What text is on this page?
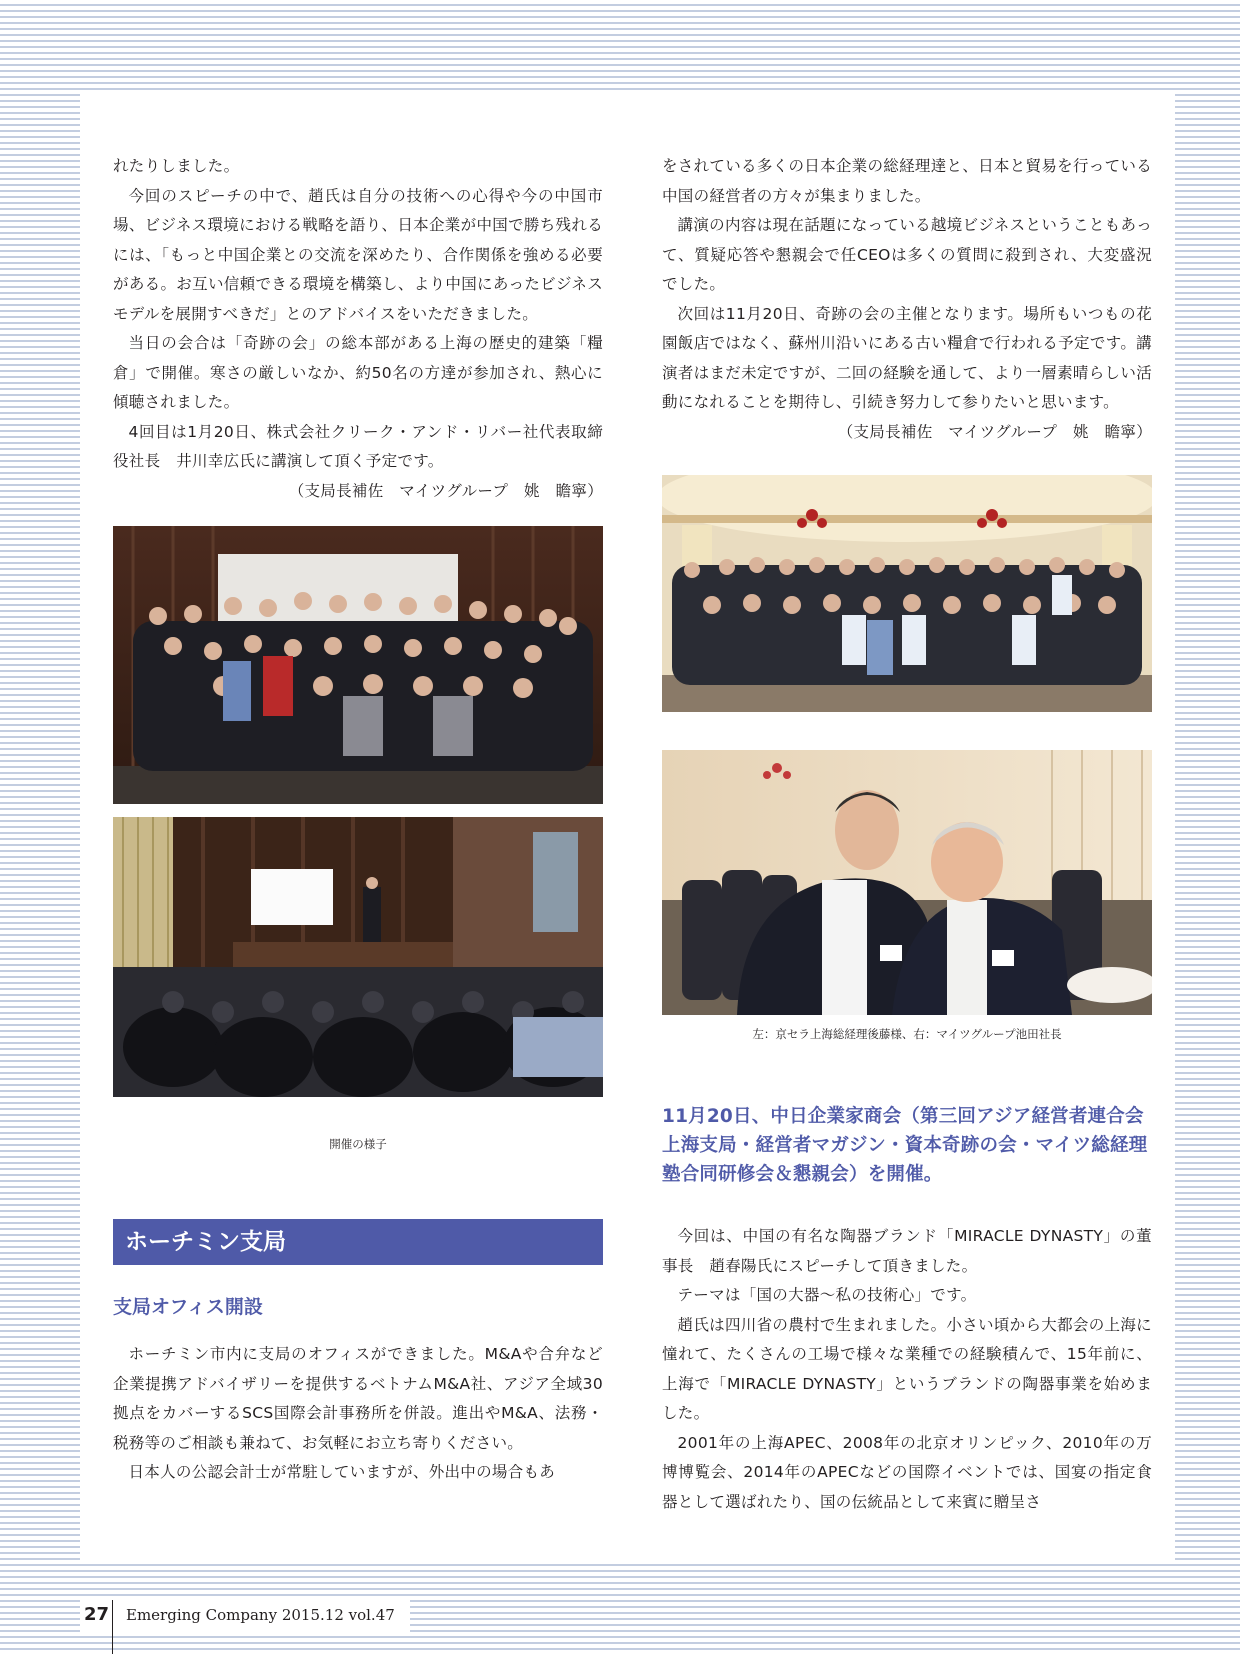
れたりしました。

今回のスピーチの中で、趙氏は自分の技術への心得や今の中国市場、ビジネス環境における戦略を語り、日本企業が中国で勝ち残れるには、「もっと中国企業との交流を深めたり、合作関係を強める必要がある。お互い信頼できる環境を構築し、より中国にあったビジネスモデルを展開すべきだ」とのアドバイスをいただきました。

当日の会合は「奇跡の会」の総本部がある上海の歴史的建築「糧倉」で開催。寒さの厳しいなか、約50名の方達が参加され、熱心に傾聴されました。

4回目は1月20日、株式会社クリーク・アンド・リバー社代表取締役社長　井川幸広氏に講演して頂く予定です。

（支局長補佐　マイツグループ　姚　瞻寧）

開催の様子
ホーチミン支局
支局オフィス開設

ホーチミン市内に支局のオフィスができました。M&Aや合弁など企業提携アドバイザリーを提供するベトナムM&A社、アジア全域30拠点をカバーするSCS国際会計事務所を併設。進出やM&A、法務・税務等のご相談も兼ねて、お気軽にお立ち寄りください。

日本人の公認会計士が常駐していますが、外出中の場合もあ

をされている多くの日本企業の総経理達と、日本と貿易を行っている中国の経営者の方々が集まりました。

講演の内容は現在話題になっている越境ビジネスということもあって、質疑応答や懇親会で任CEOは多くの質問に殺到され、大変盛況でした。

次回は11月20日、奇跡の会の主催となります。場所もいつもの花園飯店ではなく、蘇州川沿いにある古い糧倉で行われる予定です。講演者はまだ未定ですが、二回の経験を通して、より一層素晴らしい活動になれることを期待し、引続き努力して参りたいと思います。

（支局長補佐　マイツグループ　姚　瞻寧）

左：京セラ上海総経理後藤様、右：マイツグループ池田社長
11月20日、中日企業家商会（第三回アジア経営者連合会上海支局・経営者マガジン・資本奇跡の会・マイツ総経理塾合同研修会＆懇親会）を開催。

今回は、中国の有名な陶器ブランド「MIRACLE DYNASTY」の董事長　趙春陽氏にスピーチして頂きました。

テーマは「国の大器～私の技術心」です。

趙氏は四川省の農村で生まれました。小さい頃から大都会の上海に憧れて、たくさんの工場で様々な業種での経験積んで、15年前に、上海で「MIRACLE DYNASTY」というブランドの陶器事業を始めました。

2001年の上海APEC、2008年の北京オリンピック、2010年の万博博覧会、2014年のAPECなどの国際イベントでは、国宴の指定食器として選ばれたり、国の伝統品として来賓に贈呈さ

27 Emerging Company 2015.12 vol.47
